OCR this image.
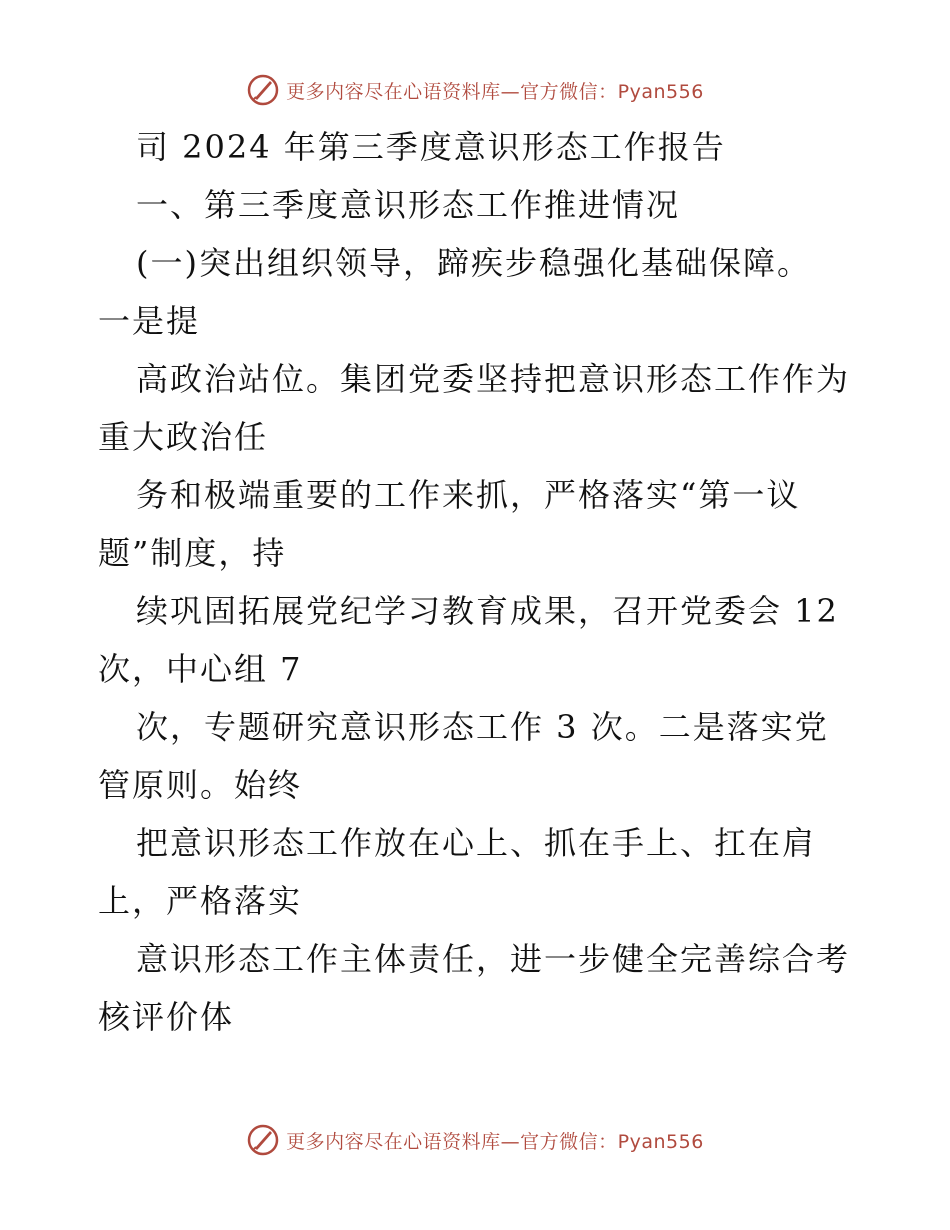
更多内容尽在心语资料库—官方微信：Pyan556
司 2024 年第三季度意识形态工作报告
一、第三季度意识形态工作推进情况
(一)突出组织领导，蹄疾步稳强化基础保障。
一是提
高政治站位。集团党委坚持把意识形态工作作为
重大政治任
务和极端重要的工作来抓，严格落实“第一议
题”制度，持
续巩固拓展党纪学习教育成果，召开党委会 12
次，中心组 7
次，专题研究意识形态工作 3 次。二是落实党
管原则。始终
把意识形态工作放在心上、抓在手上、扛在肩
上，严格落实
意识形态工作主体责任，进一步健全完善综合考
核评价体
更多内容尽在心语资料库—官方微信：Pyan556
